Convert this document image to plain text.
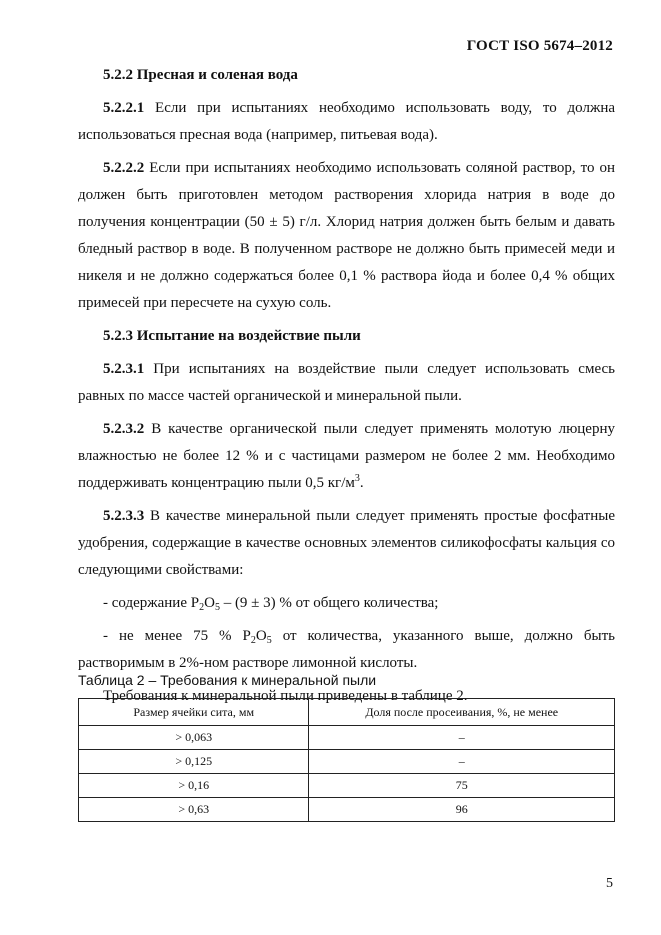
ГОСТ ISO 5674–2012

5.2.2 Пресная и соленая вода

5.2.2.1 Если при испытаниях необходимо использовать воду, то должна использоваться пресная вода (например, питьевая вода).

5.2.2.2 Если при испытаниях необходимо использовать соляной раствор, то он должен быть приготовлен методом растворения хлорида натрия в воде до получения концентрации (50 ± 5) г/л. Хлорид натрия должен быть белым и давать бледный раствор в воде. В полученном растворе не должно быть примесей меди и никеля и не должно содержаться более 0,1 % раствора йода и более 0,4 % общих примесей при пересчете на сухую соль.

5.2.3 Испытание на воздействие пыли

5.2.3.1 При испытаниях на воздействие пыли следует использовать смесь равных по массе частей органической и минеральной пыли.

5.2.3.2 В качестве органической пыли следует применять молотую люцерну влажностью не более 12 % и с частицами размером не более 2 мм. Необходимо поддерживать концентрацию пыли 0,5 $кг/м^3$.

5.2.3.3 В качестве минеральной пыли следует применять простые фосфатные удобрения, содержащие в качестве основных элементов силикофосфаты кальция со следующими свойствами:

- содержание $P_2O_5 - (9 \pm 3)$ % от общего количества;

- не менее 75 % $P_2O_5$ от количества, указанного выше, должно быть растворимым в 2%-ном растворе лимонной кислоты.

Требования к минеральной пыли приведены в таблице 2.

Таблица 2 – Требования к минеральной пыли
Размер ячейки сита, мм	Доля после просеивания, %, не менее
> 0,063	–
> 0,125	–
> 0,16	75
> 0,63	96
5
